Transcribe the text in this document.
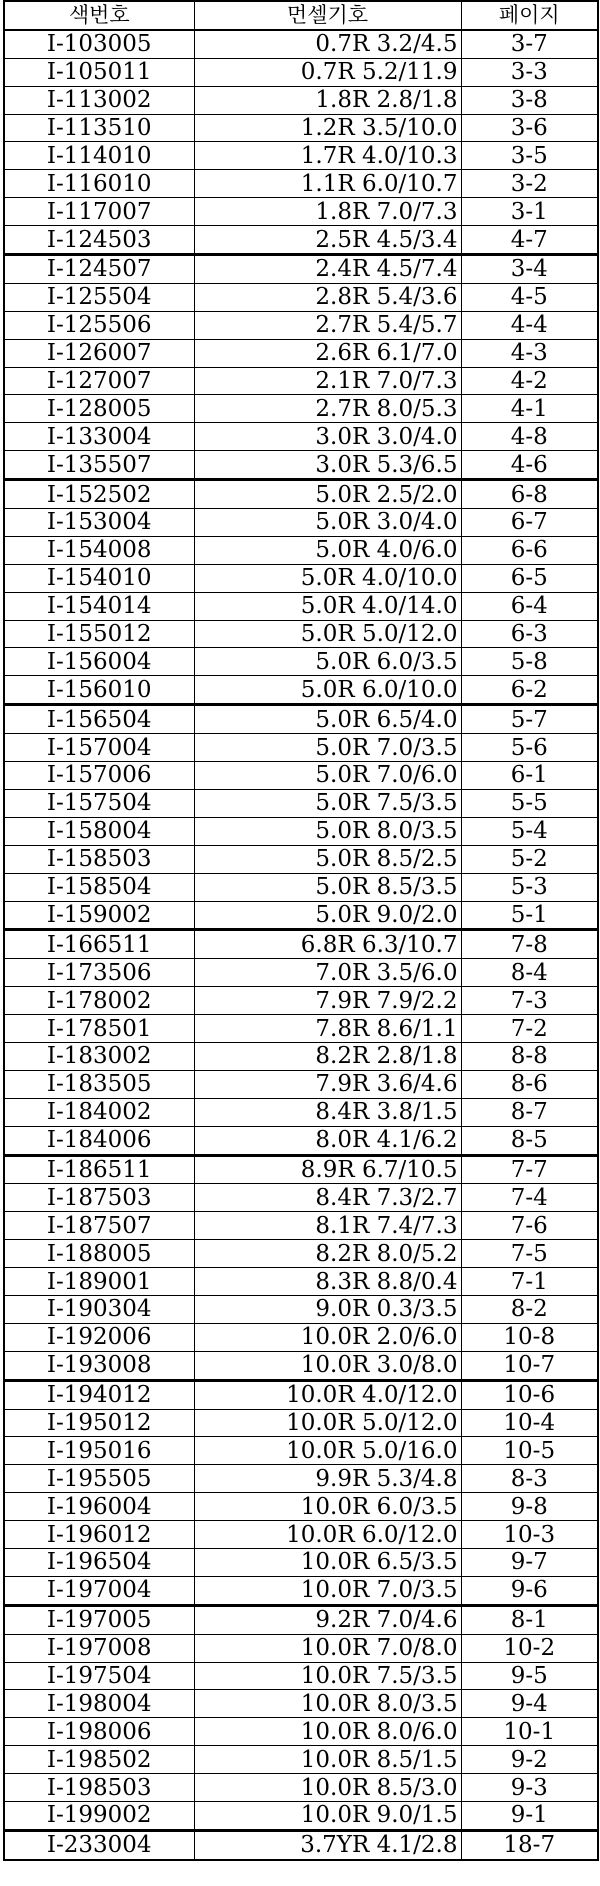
색번호	먼셀기호	페이지
I-103005	0.7R 3.2/4.5	3-7
I-105011	0.7R 5.2/11.9	3-3
I-113002	1.8R 2.8/1.8	3-8
I-113510	1.2R 3.5/10.0	3-6
I-114010	1.7R 4.0/10.3	3-5
I-116010	1.1R 6.0/10.7	3-2
I-117007	1.8R 7.0/7.3	3-1
I-124503	2.5R 4.5/3.4	4-7
I-124507	2.4R 4.5/7.4	3-4
I-125504	2.8R 5.4/3.6	4-5
I-125506	2.7R 5.4/5.7	4-4
I-126007	2.6R 6.1/7.0	4-3
I-127007	2.1R 7.0/7.3	4-2
I-128005	2.7R 8.0/5.3	4-1
I-133004	3.0R 3.0/4.0	4-8
I-135507	3.0R 5.3/6.5	4-6
I-152502	5.0R 2.5/2.0	6-8
I-153004	5.0R 3.0/4.0	6-7
I-154008	5.0R 4.0/6.0	6-6
I-154010	5.0R 4.0/10.0	6-5
I-154014	5.0R 4.0/14.0	6-4
I-155012	5.0R 5.0/12.0	6-3
I-156004	5.0R 6.0/3.5	5-8
I-156010	5.0R 6.0/10.0	6-2
I-156504	5.0R 6.5/4.0	5-7
I-157004	5.0R 7.0/3.5	5-6
I-157006	5.0R 7.0/6.0	6-1
I-157504	5.0R 7.5/3.5	5-5
I-158004	5.0R 8.0/3.5	5-4
I-158503	5.0R 8.5/2.5	5-2
I-158504	5.0R 8.5/3.5	5-3
I-159002	5.0R 9.0/2.0	5-1
I-166511	6.8R 6.3/10.7	7-8
I-173506	7.0R 3.5/6.0	8-4
I-178002	7.9R 7.9/2.2	7-3
I-178501	7.8R 8.6/1.1	7-2
I-183002	8.2R 2.8/1.8	8-8
I-183505	7.9R 3.6/4.6	8-6
I-184002	8.4R 3.8/1.5	8-7
I-184006	8.0R 4.1/6.2	8-5
I-186511	8.9R 6.7/10.5	7-7
I-187503	8.4R 7.3/2.7	7-4
I-187507	8.1R 7.4/7.3	7-6
I-188005	8.2R 8.0/5.2	7-5
I-189001	8.3R 8.8/0.4	7-1
I-190304	9.0R 0.3/3.5	8-2
I-192006	10.0R 2.0/6.0	10-8
I-193008	10.0R 3.0/8.0	10-7
I-194012	10.0R 4.0/12.0	10-6
I-195012	10.0R 5.0/12.0	10-4
I-195016	10.0R 5.0/16.0	10-5
I-195505	9.9R 5.3/4.8	8-3
I-196004	10.0R 6.0/3.5	9-8
I-196012	10.0R 6.0/12.0	10-3
I-196504	10.0R 6.5/3.5	9-7
I-197004	10.0R 7.0/3.5	9-6
I-197005	9.2R 7.0/4.6	8-1
I-197008	10.0R 7.0/8.0	10-2
I-197504	10.0R 7.5/3.5	9-5
I-198004	10.0R 8.0/3.5	9-4
I-198006	10.0R 8.0/6.0	10-1
I-198502	10.0R 8.5/1.5	9-2
I-198503	10.0R 8.5/3.0	9-3
I-199002	10.0R 9.0/1.5	9-1
I-233004	3.7YR 4.1/2.8	18-7
